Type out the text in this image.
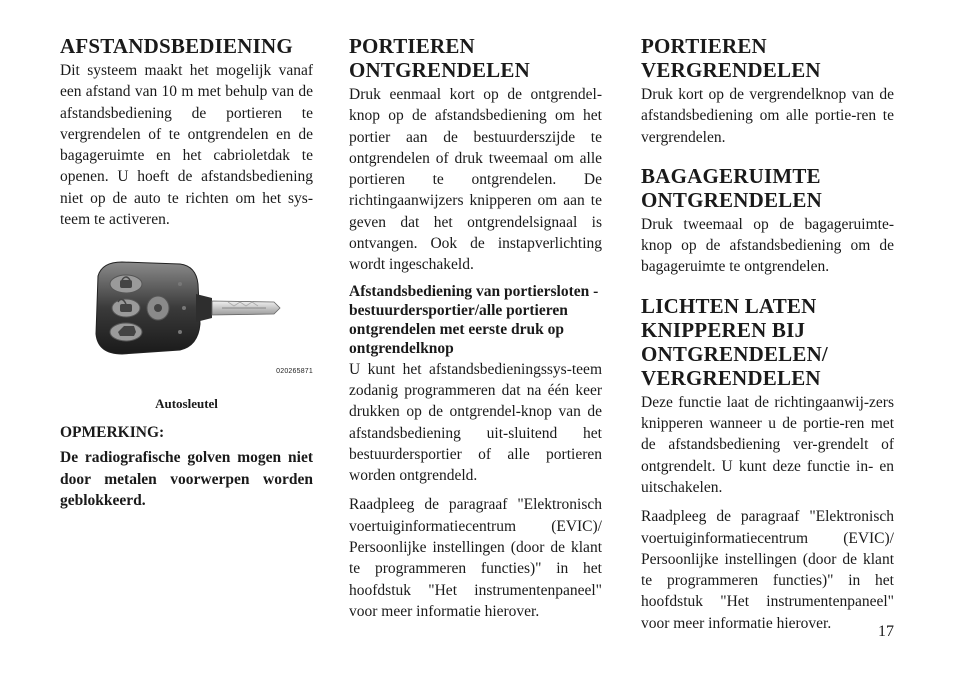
AFSTANDSBEDIENING

Dit systeem maakt het mogelijk vanaf een afstand van 10 m met behulp van de afstandsbediening de portieren te vergrendelen of te ontgrendelen en de bagageruimte en het cabrioletdak te openen. U hoeft de afstandsbediening niet op de auto te richten om het sys-teem te activeren.

020265871
Autosleutel
OPMERKING:
De radiografische golven mogen niet door metalen voorwerpen worden geblokkeerd.
PORTIEREN ONTGRENDELEN

Druk eenmaal kort op de ontgrendel-knop op de afstandsbediening om het portier aan de bestuurderszijde te ontgrendelen of druk tweemaal om alle portieren te ontgrendelen. De richtingaanwijzers knipperen om aan te geven dat het ontgrendelsignaal is ontvangen. Ook de instapverlichting wordt ingeschakeld.

Afstandsbediening van portiersloten - bestuurdersportier/alle portieren ontgrendelen met eerste druk op ontgrendelknop

U kunt het afstandsbedieningssys-teem zodanig programmeren dat na één keer drukken op de ontgrendel-knop van de afstandsbediening uit-sluitend het bestuurdersportier of alle portieren worden ontgrendeld.

Raadpleeg de paragraaf "Elektronisch voertuiginformatiecentrum (EVIC)/ Persoonlijke instellingen (door de klant te programmeren functies)" in het hoofdstuk "Het instrumentenpaneel" voor meer informatie hierover.

PORTIEREN VERGRENDELEN

Druk kort op de vergrendelknop van de afstandsbediening om alle portie-ren te vergrendelen.

BAGAGERUIMTE ONTGRENDELEN

Druk tweemaal op de bagageruimte-knop op de afstandsbediening om de bagageruimte te ontgrendelen.

LICHTEN LATEN KNIPPEREN BIJ ONTGRENDELEN/ VERGRENDELEN

Deze functie laat de richtingaanwij-zers knipperen wanneer u de portie-ren met de afstandsbediening ver-grendelt of ontgrendelt. U kunt deze functie in- en uitschakelen.

Raadpleeg de paragraaf "Elektronisch voertuiginformatiecentrum (EVIC)/ Persoonlijke instellingen (door de klant te programmeren functies)" in het hoofdstuk "Het instrumentenpaneel" voor meer informatie hierover.	17
